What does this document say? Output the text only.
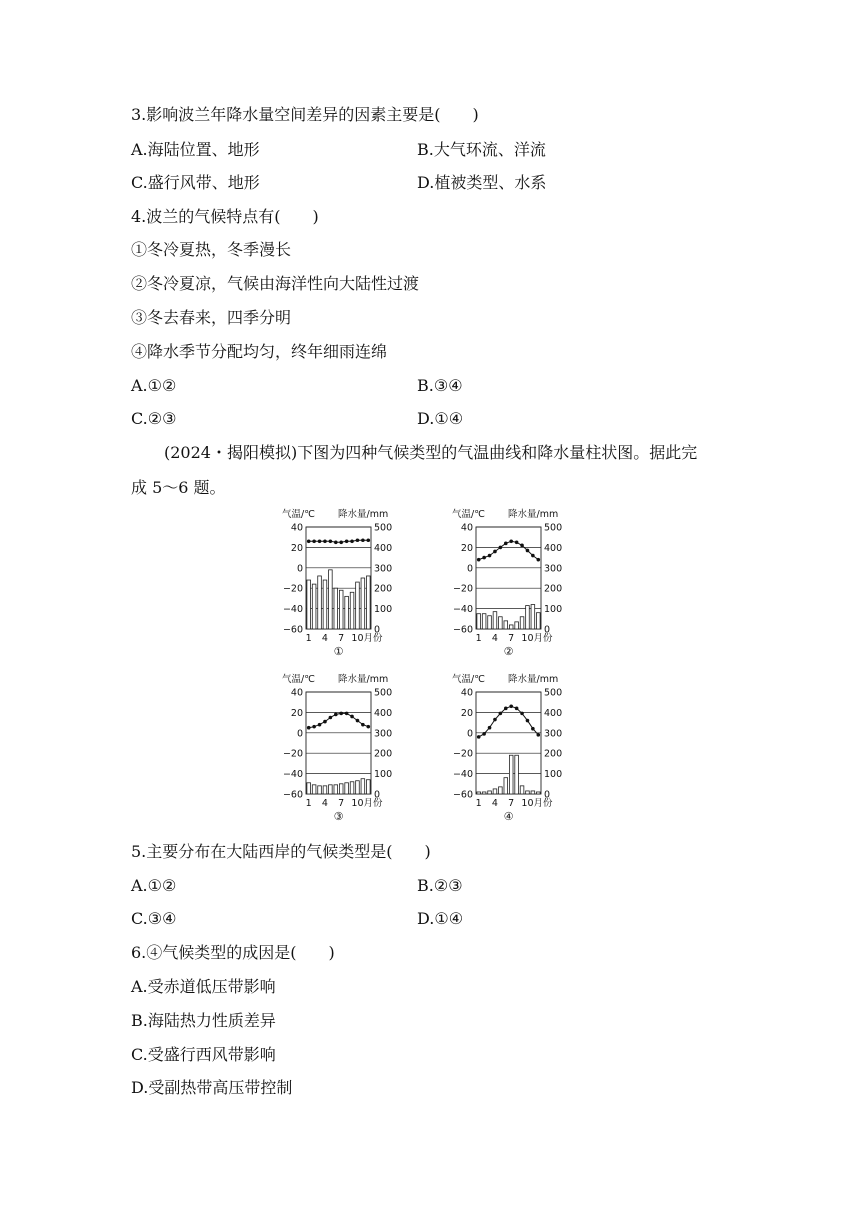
3.影响波兰年降水量空间差异的因素主要是(　　)
A.海陆位置、地形	B.大气环流、洋流
C.盛行风带、地形	D.植被类型、水系
4.波兰的气候特点有(　　)
①冬冷夏热，冬季漫长
②冬冷夏凉，气候由海洋性向大陆性过渡
③冬去春来，四季分明
④降水季节分配均匀，终年细雨连绵
A.①②	B.③④
C.②③	D.①④
(2024・揭阳模拟)下图为四种气候类型的气温曲线和降水量柱状图。据此完
成 5～6 题。
气温/℃ 降水量/mm
40
20
0
−20
−40
−60
500
400
300
200
100
0
1 4 7 10 月份
①
气温/℃ 降水量/mm
40
20
0
−20
−40
−60
500
400
300
200
100
0
1 4 7 10 月份
②
气温/℃ 降水量/mm
40
20
0
−20
−40
−60
500
400
300
200
100
0
1 4 7 10 月份
③
气温/℃ 降水量/mm
40
20
0
−20
−40
−60
500
400
300
200
100
0
1 4 7 10 月份
④
5.主要分布在大陆西岸的气候类型是(　　)
A.①②	B.②③
C.③④	D.①④
6.④气候类型的成因是(　　)
A.受赤道低压带影响
B.海陆热力性质差异
C.受盛行西风带影响
D.受副热带高压带控制
